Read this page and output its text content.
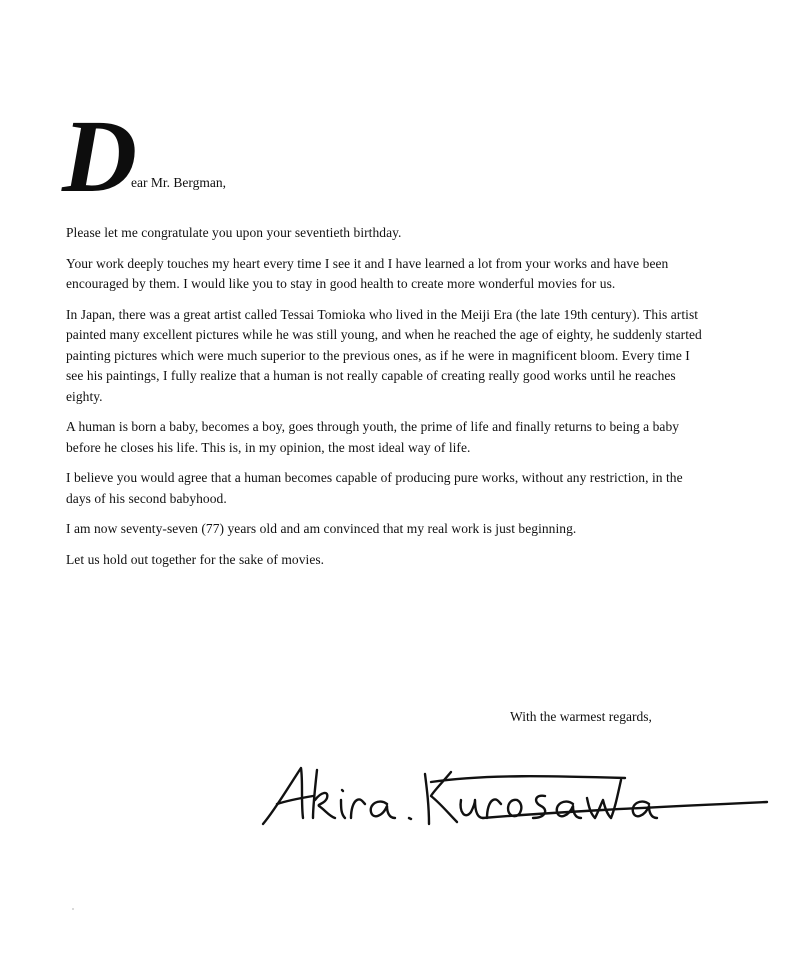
D
ear Mr. Bergman,

Please let me congratulate you upon your seventieth birthday.

Your work deeply touches my heart every time I see it and I have learned a lot from your works and have been encouraged by them. I would like you to stay in good health to create more wonderful movies for us.

In Japan, there was a great artist called Tessai Tomioka who lived in the Meiji Era (the late 19th century). This artist painted many excellent pictures while he was still young, and when he reached the age of eighty, he suddenly started painting pictures which were much superior to the previous ones, as if he were in magnificent bloom. Every time I see his paintings, I fully realize that a human is not really capable of creating really good works until he reaches eighty.

A human is born a baby, becomes a boy, goes through youth, the prime of life and finally returns to being a baby before he closes his life. This is, in my opinion, the most ideal way of life.

I believe you would agree that a human becomes capable of producing pure works, without any restriction, in the days of his second babyhood.

I am now seventy-seven (77) years old and am convinced that my real work is just beginning.

Let us hold out together for the sake of movies.

With the warmest regards,
